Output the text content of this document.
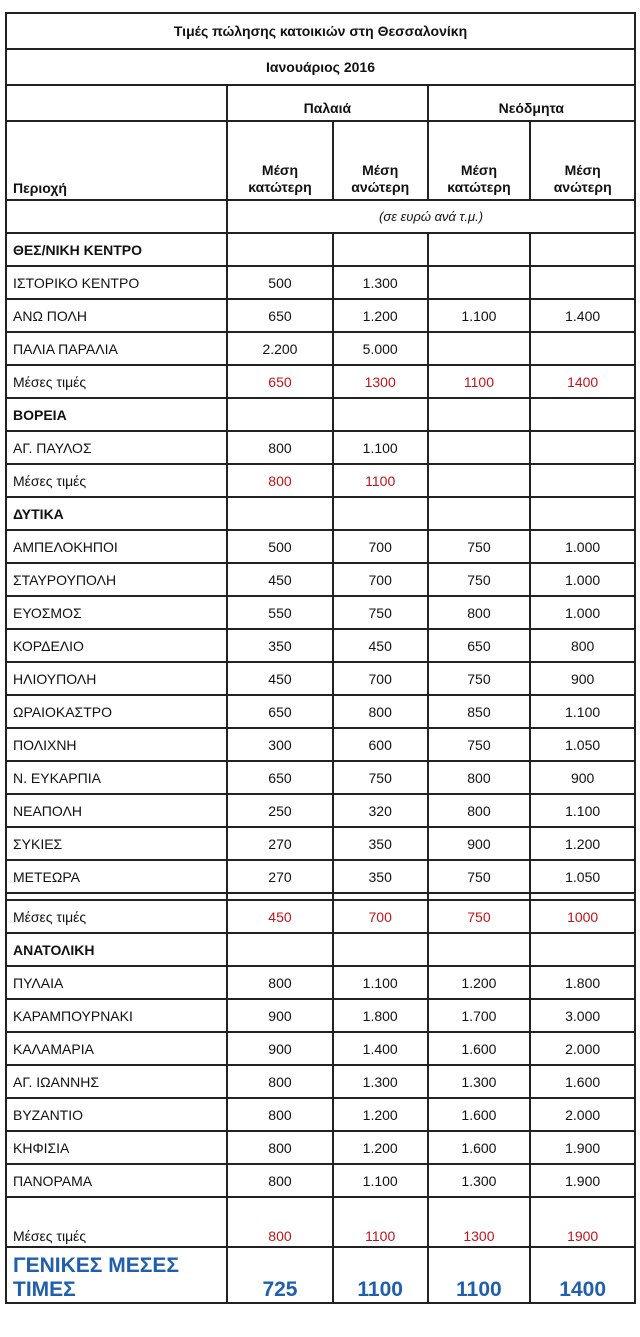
Τιμές πώλησης κατοικιών στη Θεσσαλονίκη				
Ιανουάριος 2016				
	Παλαιά		Νεόδμητα	
Περιοχή	Μέση κατώτερη	Μέση ανώτερη	Μέση κατώτερη	Μέση ανώτερη
	(σε ευρώ ανά τ.μ.)			
ΘΕΣ/ΝΙΚΗ ΚΕΝΤΡΟ				
ΙΣΤΟΡΙΚΟ ΚΕΝΤΡΟ	500	1.300		
ΑΝΩ ΠΟΛΗ	650	1.200	1.100	1.400
ΠΑΛΙΑ ΠΑΡΑΛΙΑ	2.200	5.000		
Μέσες τιμές	650	1300	1100	1400
ΒΟΡΕΙΑ				
ΑΓ. ΠΑΥΛΟΣ	800	1.100		
Μέσες τιμές	800	1100		
ΔΥΤΙΚΑ				
ΑΜΠΕΛΟΚΗΠΟΙ	500	700	750	1.000
ΣΤΑΥΡΟΥΠΟΛΗ	450	700	750	1.000
ΕΥΟΣΜΟΣ	550	750	800	1.000
ΚΟΡΔΕΛΙΟ	350	450	650	800
ΗΛΙΟΥΠΟΛΗ	450	700	750	900
ΩΡΑΙΟΚΑΣΤΡΟ	650	800	850	1.100
ΠΟΛΙΧΝΗ	300	600	750	1.050
Ν. ΕΥΚΑΡΠΙΑ	650	750	800	900
ΝΕΑΠΟΛΗ	250	320	800	1.100
ΣΥΚΙΕΣ	270	350	900	1.200
ΜΕΤΕΩΡΑ	270	350	750	1.050

Μέσες τιμές	450	700	750	1000
ΑΝΑΤΟΛΙΚΗ				
ΠΥΛΑΙΑ	800	1.100	1.200	1.800
ΚΑΡΑΜΠΟΥΡΝΑΚΙ	900	1.800	1.700	3.000
ΚΑΛΑΜΑΡΙΑ	900	1.400	1.600	2.000
ΑΓ. ΙΩΑΝΝΗΣ	800	1.300	1.300	1.600
ΒΥΖΑΝΤΙΟ	800	1.200	1.600	2.000
ΚΗΦΙΣΙΑ	800	1.200	1.600	1.900
ΠΑΝΟΡΑΜΑ	800	1.100	1.300	1.900
Μέσες τιμές	800	1100	1300	1900
ΓΕΝΙΚΕΣ ΜΕΣΕΣ ΤΙΜΕΣ	725	1100	1100	1400
